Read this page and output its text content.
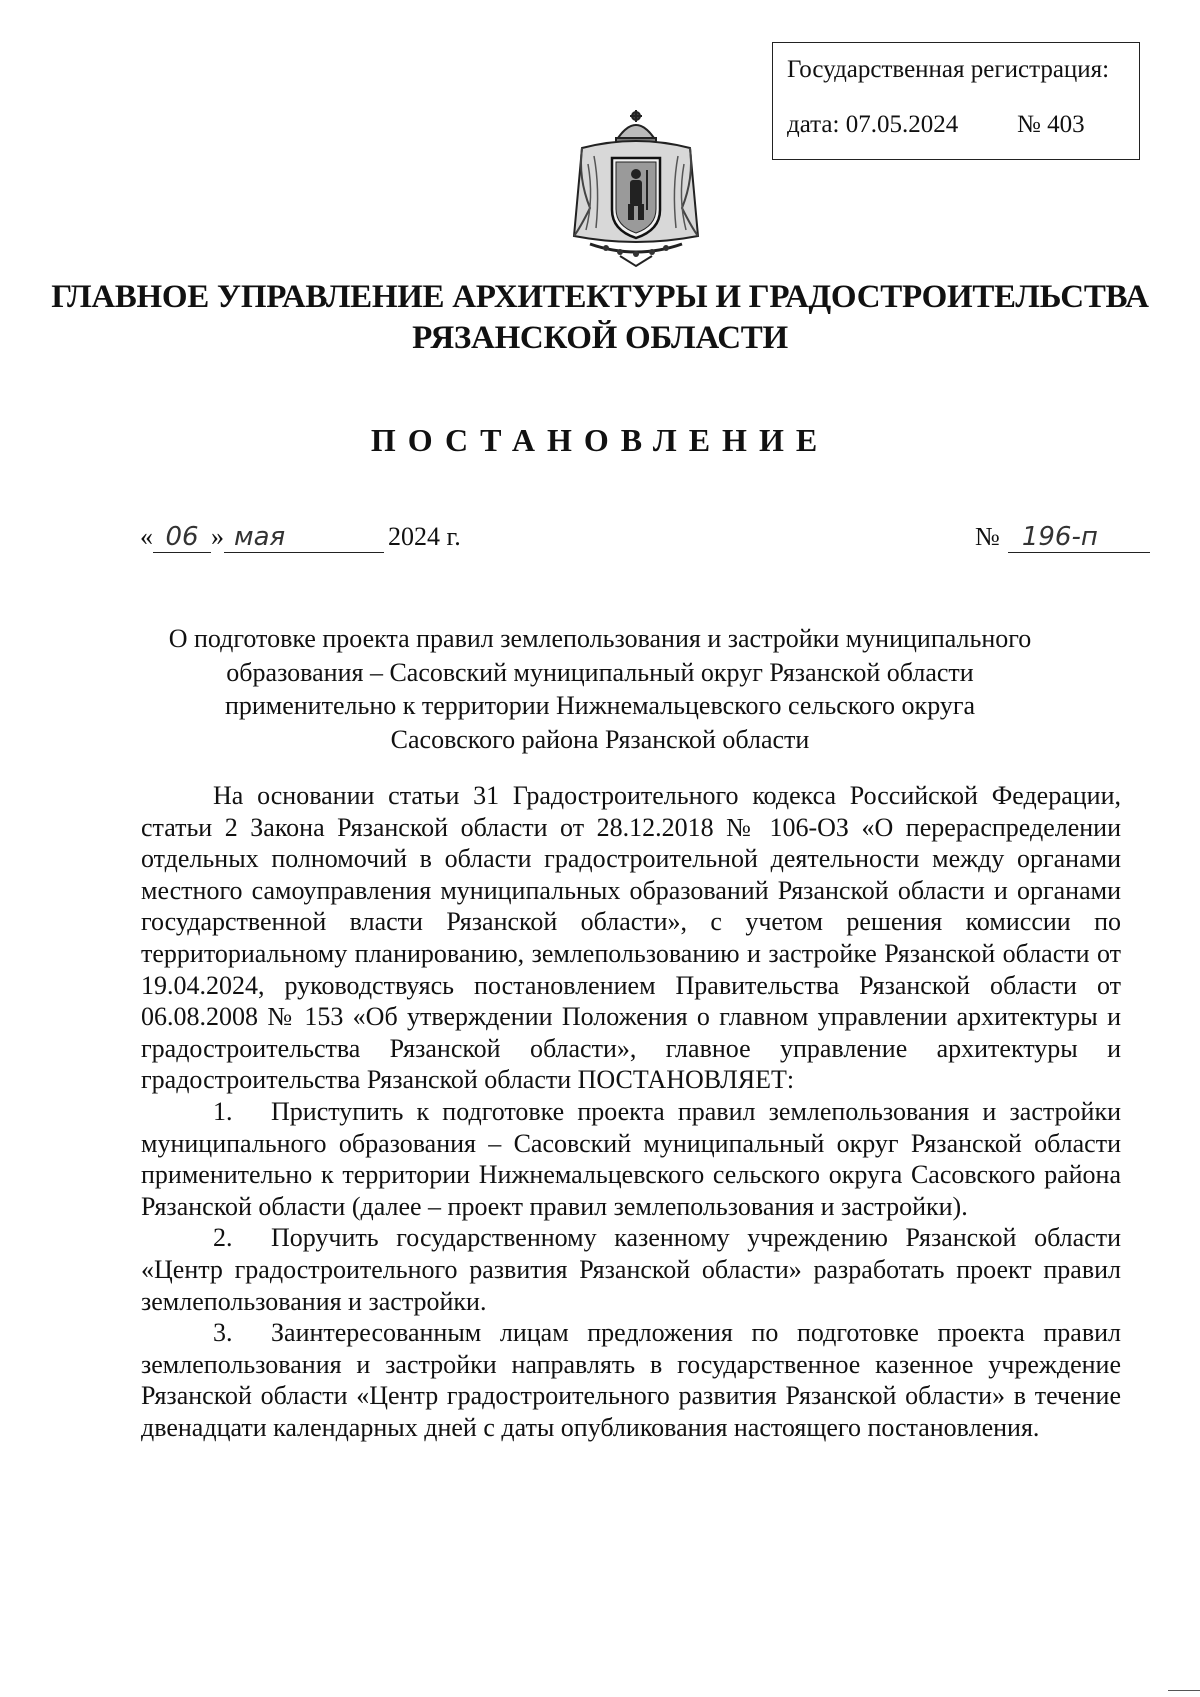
Государственная регистрация:
дата: 07.05.2024	№ 403
ГЛАВНОЕ УПРАВЛЕНИЕ АРХИТЕКТУРЫ И ГРАДОСТРОИТЕЛЬСТВА
РЯЗАНСКОЙ ОБЛАСТИ
ПОСТАНОВЛЕНИЕ
« 06 » мая	2024 г.	№ 196-п
О подготовке проекта правил землепользования и застройки муниципального
образования – Сасовский муниципальный округ Рязанской области
применительно к территории Нижнемальцевского сельского округа
Сасовского района Рязанской области

На основании статьи 31 Градостроительного кодекса Российской Федерации, статьи 2 Закона Рязанской области от 28.12.2018 № 106-ОЗ «О перераспределении отдельных полномочий в области градостроительной деятельности между органами местного самоуправления муниципальных образований Рязанской области и органами государственной власти Рязанской области», с учетом решения комиссии по территориальному планированию, землепользованию и застройке Рязанской области от 19.04.2024, руководствуясь постановлением Правительства Рязанской области от 06.08.2008 № 153 «Об утверждении Положения о главном управлении архитектуры и градостроительства Рязанской области», главное управление архитектуры и градостроительства Рязанской области ПОСТАНОВЛЯЕТ:

1. Приступить к подготовке проекта правил землепользования и застройки муниципального образования – Сасовский муниципальный округ Рязанской области применительно к территории Нижнемальцевского сельского округа Сасовского района Рязанской области (далее – проект правил землепользования и застройки).

2. Поручить государственному казенному учреждению Рязанской области «Центр градостроительного развития Рязанской области» разработать проект правил землепользования и застройки.

3. Заинтересованным лицам предложения по подготовке проекта правил землепользования и застройки направлять в государственное казенное учреждение Рязанской области «Центр градостроительного развития Рязанской области» в течение двенадцати календарных дней с даты опубликования настоящего постановления.
